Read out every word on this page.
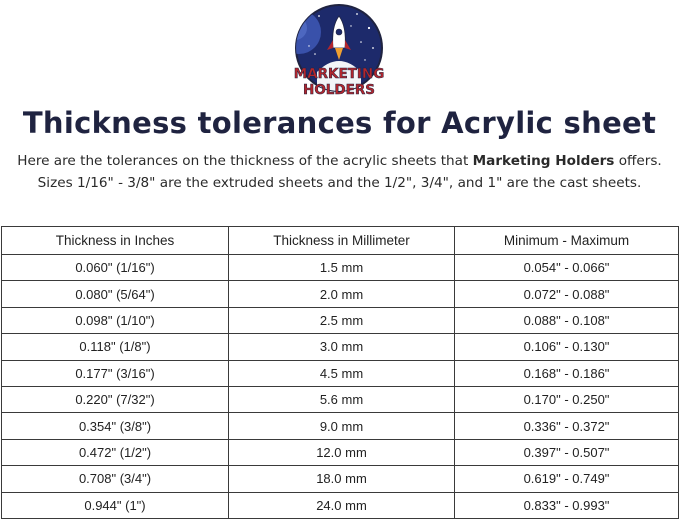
MARKETING
HOLDERS
Thickness tolerances for Acrylic sheet

Here are the tolerances on the thickness of the acrylic sheets that Marketing Holders offers.

Sizes 1/16" - 3/8" are the extruded sheets and the 1/2", 3/4", and 1" are the cast sheets.

Thickness in Inches	Thickness in Millimeter	Minimum - Maximum
0.060" (1/16")	1.5 mm	0.054" - 0.066"
0.080" (5/64")	2.0 mm	0.072" - 0.088"
0.098" (1/10")	2.5 mm	0.088" - 0.108"
0.118" (1/8")	3.0 mm	0.106" - 0.130"
0.177" (3/16")	4.5 mm	0.168" - 0.186"
0.220" (7/32")	5.6 mm	0.170" - 0.250"
0.354" (3/8")	9.0 mm	0.336" - 0.372"
0.472" (1/2")	12.0 mm	0.397" - 0.507"
0.708" (3/4")	18.0 mm	0.619" - 0.749"
0.944" (1")	24.0 mm	0.833" - 0.993"
